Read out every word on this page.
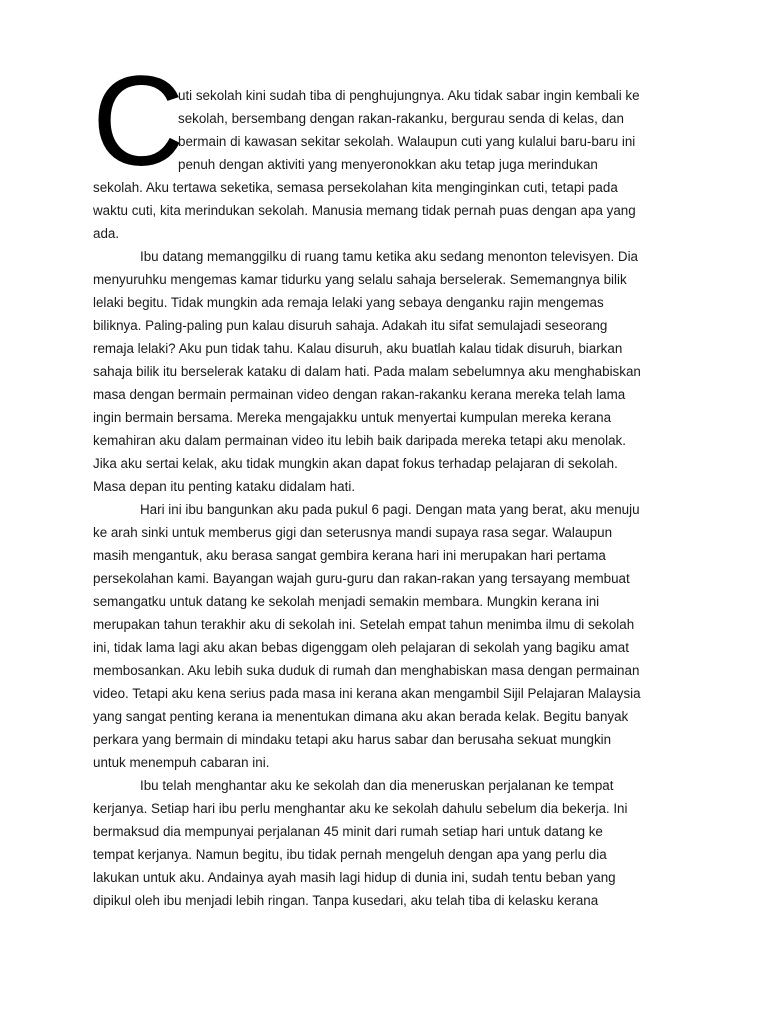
C
uti sekolah kini sudah tiba di penghujungnya. Aku tidak sabar ingin kembali ke
sekolah, bersembang dengan rakan-rakanku, bergurau senda di kelas, dan
bermain di kawasan sekitar sekolah. Walaupun cuti yang kulalui baru-baru ini
penuh dengan aktiviti yang menyeronokkan aku tetap juga merindukan
sekolah. Aku tertawa seketika, semasa persekolahan kita menginginkan cuti, tetapi pada
waktu cuti, kita merindukan sekolah. Manusia memang tidak pernah puas dengan apa yang
ada.
Ibu datang memanggilku di ruang tamu ketika aku sedang menonton televisyen. Dia
menyuruhku mengemas kamar tidurku yang selalu sahaja berselerak. Sememangnya bilik
lelaki begitu. Tidak mungkin ada remaja lelaki yang sebaya denganku rajin mengemas
biliknya. Paling-paling pun kalau disuruh sahaja. Adakah itu sifat semulajadi seseorang
remaja lelaki? Aku pun tidak tahu. Kalau disuruh, aku buatlah kalau tidak disuruh, biarkan
sahaja bilik itu berselerak kataku di dalam hati. Pada malam sebelumnya aku menghabiskan
masa dengan bermain permainan video dengan rakan-rakanku kerana mereka telah lama
ingin bermain bersama. Mereka mengajakku untuk menyertai kumpulan mereka kerana
kemahiran aku dalam permainan video itu lebih baik daripada mereka tetapi aku menolak.
Jika aku sertai kelak, aku tidak mungkin akan dapat fokus terhadap pelajaran di sekolah.
Masa depan itu penting kataku didalam hati.
Hari ini ibu bangunkan aku pada pukul 6 pagi. Dengan mata yang berat, aku menuju
ke arah sinki untuk memberus gigi dan seterusnya mandi supaya rasa segar. Walaupun
masih mengantuk, aku berasa sangat gembira kerana hari ini merupakan hari pertama
persekolahan kami. Bayangan wajah guru-guru dan rakan-rakan yang tersayang membuat
semangatku untuk datang ke sekolah menjadi semakin membara. Mungkin kerana ini
merupakan tahun terakhir aku di sekolah ini. Setelah empat tahun menimba ilmu di sekolah
ini, tidak lama lagi aku akan bebas digenggam oleh pelajaran di sekolah yang bagiku amat
membosankan. Aku lebih suka duduk di rumah dan menghabiskan masa dengan permainan
video. Tetapi aku kena serius pada masa ini kerana akan mengambil Sijil Pelajaran Malaysia
yang sangat penting kerana ia menentukan dimana aku akan berada kelak. Begitu banyak
perkara yang bermain di mindaku tetapi aku harus sabar dan berusaha sekuat mungkin
untuk menempuh cabaran ini.
Ibu telah menghantar aku ke sekolah dan dia meneruskan perjalanan ke tempat
kerjanya. Setiap hari ibu perlu menghantar aku ke sekolah dahulu sebelum dia bekerja. Ini
bermaksud dia mempunyai perjalanan 45 minit dari rumah setiap hari untuk datang ke
tempat kerjanya. Namun begitu, ibu tidak pernah mengeluh dengan apa yang perlu dia
lakukan untuk aku. Andainya ayah masih lagi hidup di dunia ini, sudah tentu beban yang
dipikul oleh ibu menjadi lebih ringan. Tanpa kusedari, aku telah tiba di kelasku kerana
